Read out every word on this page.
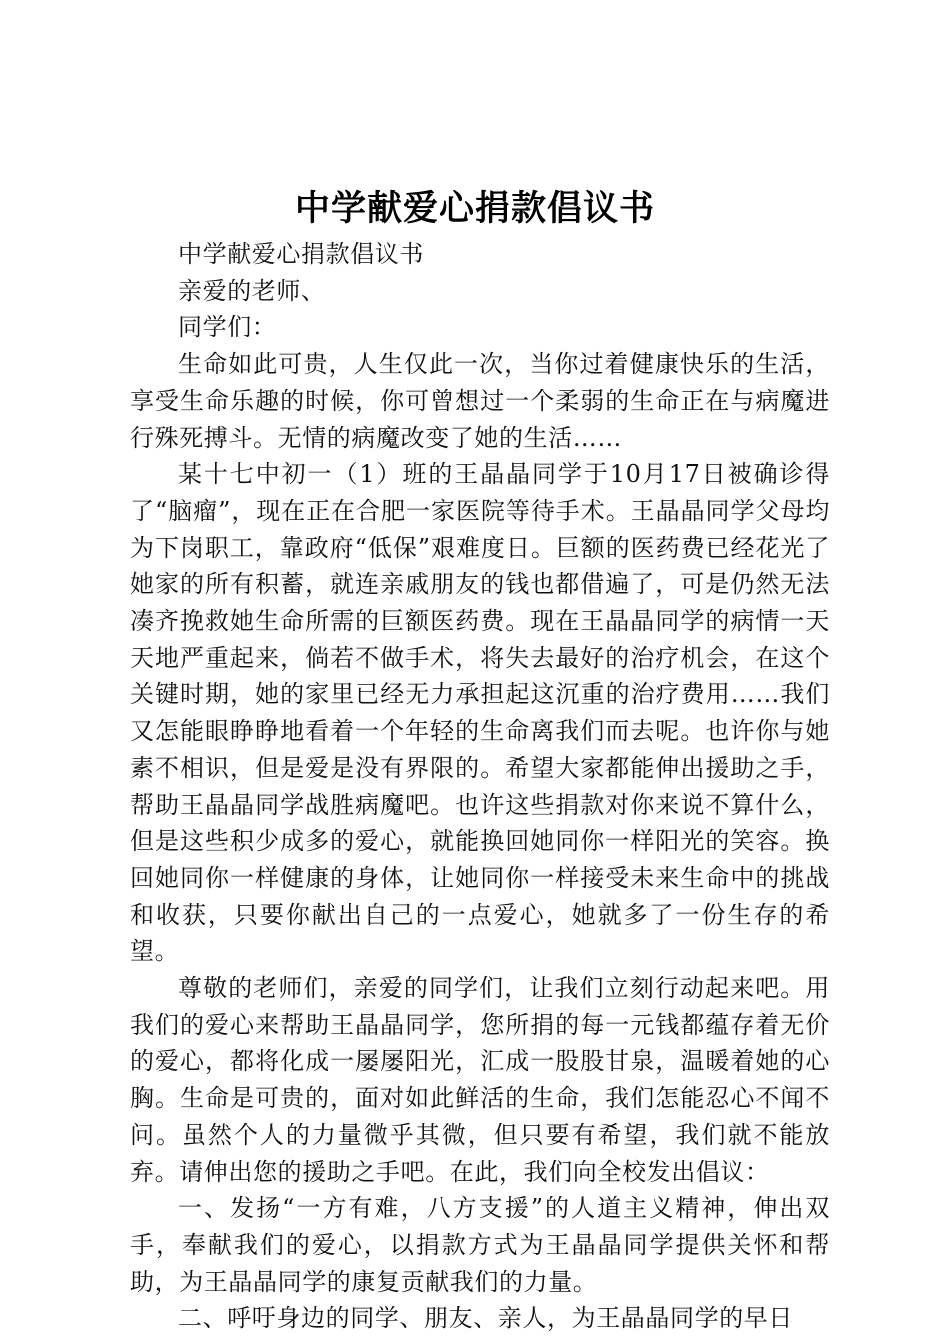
中学献爱心捐款倡议书

中学献爱心捐款倡议书

亲爱的老师、

同学们：

生命如此可贵，人生仅此一次，当你过着健康快乐的生活，享受生命乐趣的时候，你可曾想过一个柔弱的生命正在与病魔进行殊死搏斗。无情的病魔改变了她的生活……

某十七中初一（1）班的王晶晶同学于10月17日被确诊得了“脑瘤”，现在正在合肥一家医院等待手术。王晶晶同学父母均为下岗职工，靠政府“低保”艰难度日。巨额的医药费已经花光了她家的所有积蓄，就连亲戚朋友的钱也都借遍了，可是仍然无法凑齐挽救她生命所需的巨额医药费。现在王晶晶同学的病情一天天地严重起来，倘若不做手术，将失去最好的治疗机会，在这个关键时期，她的家里已经无力承担起这沉重的治疗费用……我们又怎能眼睁睁地看着一个年轻的生命离我们而去呢。也许你与她素不相识，但是爱是没有界限的。希望大家都能伸出援助之手，帮助王晶晶同学战胜病魔吧。也许这些捐款对你来说不算什么，但是这些积少成多的爱心，就能换回她同你一样阳光的笑容。换回她同你一样健康的身体，让她同你一样接受未来生命中的挑战和收获，只要你献出自己的一点爱心，她就多了一份生存的希望。

尊敬的老师们，亲爱的同学们，让我们立刻行动起来吧。用我们的爱心来帮助王晶晶同学，您所捐的每一元钱都蕴存着无价的爱心，都将化成一屡屡阳光，汇成一股股甘泉，温暖着她的心胸。生命是可贵的，面对如此鲜活的生命，我们怎能忍心不闻不问。虽然个人的力量微乎其微，但只要有希望，我们就不能放弃。请伸出您的援助之手吧。在此，我们向全校发出倡议：

一、发扬“一方有难，八方支援”的人道主义精神，伸出双手，奉献我们的爱心，以捐款方式为王晶晶同学提供关怀和帮助，为王晶晶同学的康复贡献我们的力量。

二、呼吁身边的同学、朋友、亲人，为王晶晶同学的早日
